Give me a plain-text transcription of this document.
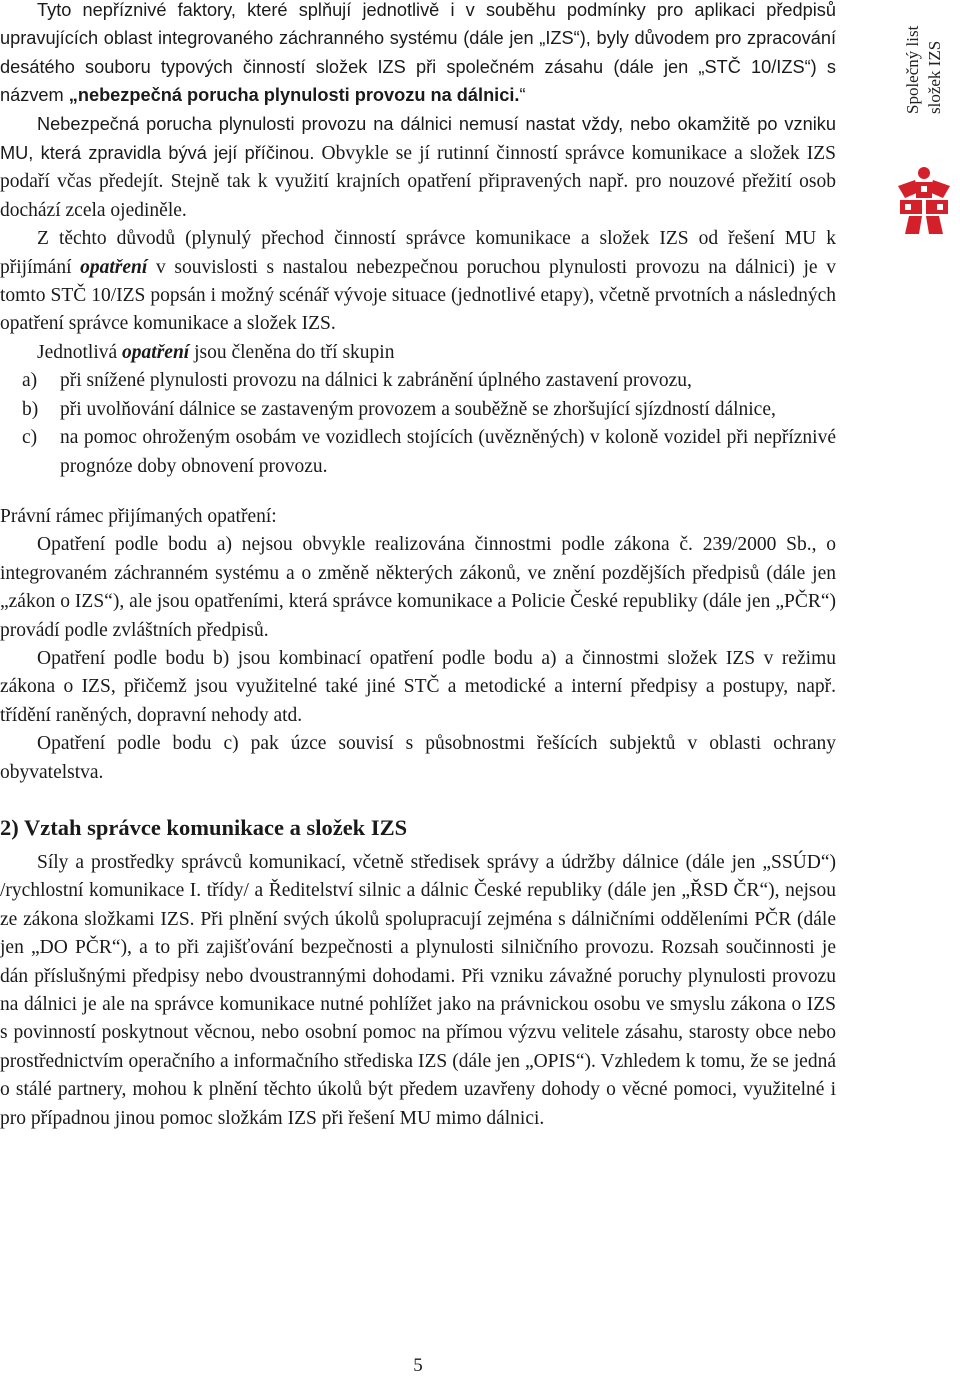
Tyto nepříznivé faktory, které splňují jednotlivě i v souběhu podmínky pro aplikaci předpisů upravujících oblast integrovaného záchranného systému (dále jen „IZS“), byly důvodem pro zpracování desátého souboru typových činností složek IZS při společném zásahu (dále jen „STČ 10/IZS“) s názvem „nebezpečná porucha plynulosti provozu na dálnici.“

Nebezpečná porucha plynulosti provozu na dálnici nemusí nastat vždy, nebo okamžitě po vzniku MU, která zpravidla bývá její příčinou. Obvykle se jí rutinní činností správce komunikace a složek IZS podaří včas předejít. Stejně tak k využití krajních opatření připravených např. pro nouzové přežití osob dochází zcela ojediněle.

Z těchto důvodů (plynulý přechod činností správce komunikace a složek IZS od řešení MU k přijímání opatření v souvislosti s nastalou nebezpečnou poruchou plynulosti provozu na dálnici) je v tomto STČ 10/IZS popsán i možný scénář vývoje situace (jednotlivé etapy), včetně prvotních a následných opatření správce komunikace a složek IZS.

Jednotlivá opatření jsou členěna do tří skupin

a) při snížené plynulosti provozu na dálnici k zabránění úplného zastavení provozu,
b) při uvolňování dálnice se zastaveným provozem a souběžně se zhoršující sjízdností dálnice,
c) na pomoc ohroženým osobám ve vozidlech stojících (uvězněných) v koloně vozidel při nepříznivé prognóze doby obnovení provozu.

Právní rámec přijímaných opatření:

Opatření podle bodu a) nejsou obvykle realizována činnostmi podle zákona č. 239/2000 Sb., o integrovaném záchranném systému a o změně některých zákonů, ve znění pozdějších předpisů (dále jen „zákon o IZS“), ale jsou opatřeními, která správce komunikace a Policie České republiky (dále jen „PČR“) provádí podle zvláštních předpisů.

Opatření podle bodu b) jsou kombinací opatření podle bodu a) a činnostmi složek IZS v režimu zákona o IZS, přičemž jsou využitelné také jiné STČ a metodické a interní předpisy a postupy, např. třídění raněných, dopravní nehody atd.

Opatření podle bodu c) pak úzce souvisí s působnostmi řešících subjektů v oblasti ochrany obyvatelstva.

2) Vztah správce komunikace a složek IZS

Síly a prostředky správců komunikací, včetně středisek správy a údržby dálnice (dále jen „SSÚD“) /rychlostní komunikace I. třídy/ a Ředitelství silnic a dálnic České republiky (dále jen „ŘSD ČR“), nejsou ze zákona složkami IZS. Při plnění svých úkolů spolupracují zejména s dálničními odděleními PČR (dále jen „DO PČR“), a to při zajišťování bezpečnosti a plynulosti silničního provozu. Rozsah součinnosti je dán příslušnými předpisy nebo dvoustrannými dohodami. Při vzniku závažné poruchy plynulosti provozu na dálnici je ale na správce komunikace nutné pohlížet jako na právnickou osobu ve smyslu zákona o IZS s povinností poskytnout věcnou, nebo osobní pomoc na přímou výzvu velitele zásahu, starosty obce nebo prostřednictvím operačního a informačního střediska IZS (dále jen „OPIS“). Vzhledem k tomu, že se jedná o stálé partnery, mohou k plnění těchto úkolů být předem uzavřeny dohody o věcné pomoci, využitelné i pro případnou jinou pomoc složkám IZS při řešení MU mimo dálnici.

Společný list složek IZS
5
